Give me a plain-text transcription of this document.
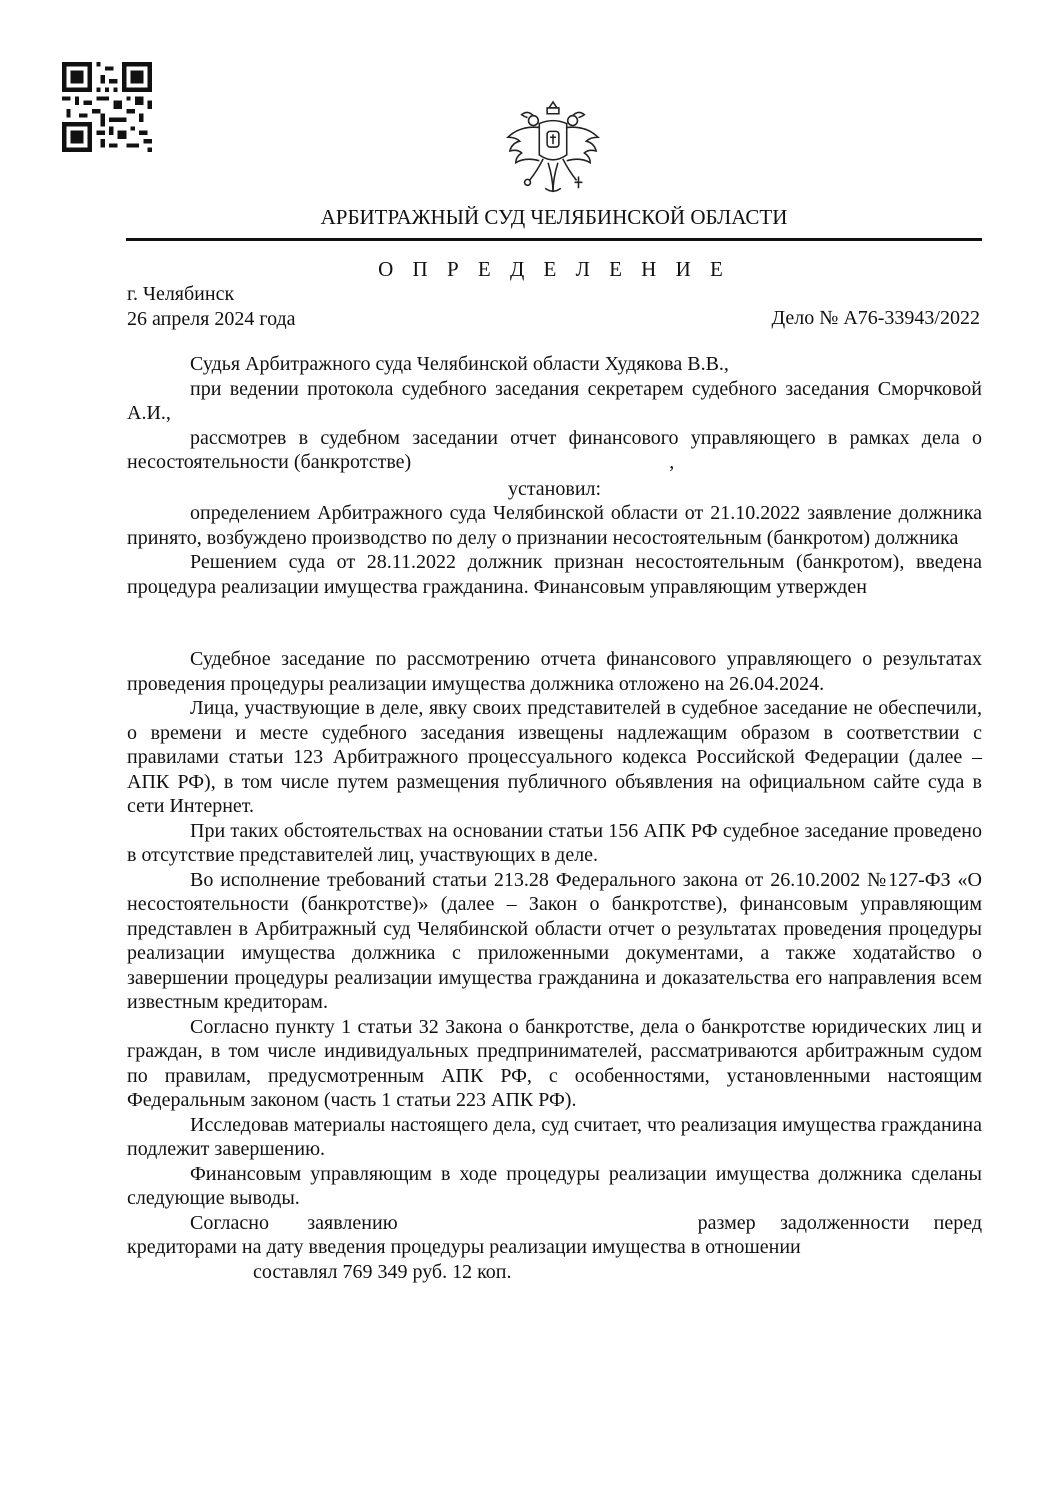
АРБИТРАЖНЫЙ СУД ЧЕЛЯБИНСКОЙ ОБЛАСТИ
О П Р Е Д Е Л Е Н И Е
г. Челябинск
26 апреля 2024 года	Дело № А76-33943/2022

Судья Арбитражного суда Челябинской области Худякова В.В.,

при ведении протокола судебного заседания секретарем судебного заседания Сморчковой А.И.,

рассмотрев в судебном заседании отчет финансового управляющего в рамках дела о несостоятельности (банкротстве)	,

установил:

определением Арбитражного суда Челябинской области от 21.10.2022 заявление должника принято, возбуждено производство по делу о признании несостоятельным (банкротом) должника

Решением суда от 28.11.2022 должник признан несостоятельным (банкротом), введена процедура реализации имущества гражданина. Финансовым управляющим утвержден

Судебное заседание по рассмотрению отчета финансового управляющего о результатах проведения процедуры реализации имущества должника отложено на 26.04.2024.

Лица, участвующие в деле, явку своих представителей в судебное заседание не обеспечили, о времени и месте судебного заседания извещены надлежащим образом в соответствии с правилами статьи 123 Арбитражного процессуального кодекса Российской Федерации (далее – АПК РФ), в том числе путем размещения публичного объявления на официальном сайте суда в сети Интернет.

При таких обстоятельствах на основании статьи 156 АПК РФ судебное заседание проведено в отсутствие представителей лиц, участвующих в деле.

Во исполнение требований статьи 213.28 Федерального закона от 26.10.2002 №127-ФЗ «О несостоятельности (банкротстве)» (далее – Закон о банкротстве), финансовым управляющим представлен в Арбитражный суд Челябинской области отчет о результатах проведения процедуры реализации имущества должника с приложенными документами, а также ходатайство о завершении процедуры реализации имущества гражданина и доказательства его направления всем известным кредиторам.

Согласно пункту 1 статьи 32 Закона о банкротстве, дела о банкротстве юридических лиц и граждан, в том числе индивидуальных предпринимателей, рассматриваются арбитражным судом по правилам, предусмотренным АПК РФ, с особенностями, установленными настоящим Федеральным законом (часть 1 статьи 223 АПК РФ).

Исследовав материалы настоящего дела, суд считает, что реализация имущества гражданина подлежит завершению.

Финансовым управляющим в ходе процедуры реализации имущества должника сделаны следующие выводы.

Согласно заявлению	размер задолженности перед кредиторами на дату введения процедуры реализации имущества в отношении

составлял 769 349 руб. 12 коп.
